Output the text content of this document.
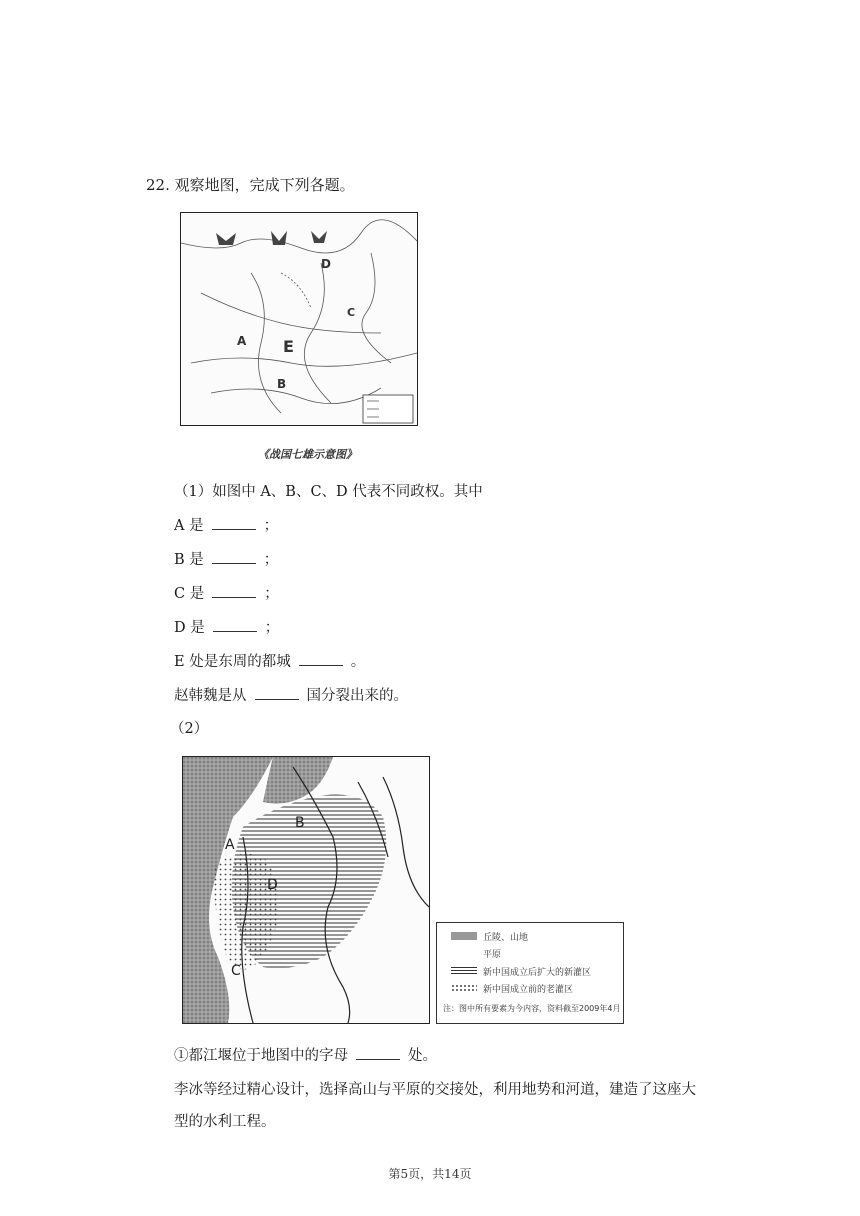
22. 观察地图，完成下列各题。
D
C
A E
B
《战国七雄示意图》
（1）如图中 A、B、C、D 代表不同政权。其中
A 是	；
B 是	；
C 是	；
D 是	；
E 处是东周的都城	。
赵韩魏是从	国分裂出来的。
（2）
A
B
D
C
丘陵、山地
平原
新中国成立后扩大的新灌区
新中国成立前的老灌区
注：图中所有要素为今内容，资料截至2009年4月
①都江堰位于地图中的字母	处。
李冰等经过精心设计，选择高山与平原的交接处，利用地势和河道，建造了这座大
型的水利工程。
第5页，共14页
